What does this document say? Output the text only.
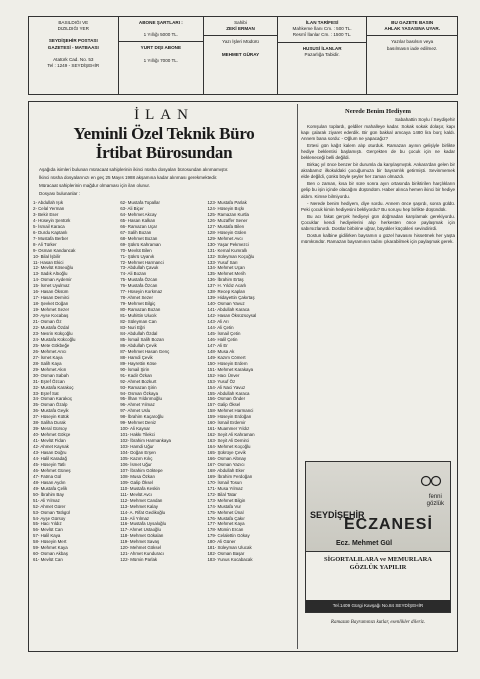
BASILDIĞI VE
DIZILDIĞI YER
SEYDİŞEHİR POSTASI
GAZETESİ - MATBAASI
Atatürk Cad. No. 53
Tel : 1249 - SEYDİŞEHİR
ABONE ŞARTLARI :
1 Yıllığı 5000 TL.
YURT DIŞI ABONE
1 Yıllığı 7000 TL.
Sahibi
ZEKİ ERMAN
Yazı İşleri Müdürü
MEHMET GÜRAY
İLAN TARİFESİ
Mahkeme İlanı Cm. : 500 TL.
Resmî İlanlar Cm. : 1500 TL.
HUSUSİ İLANLAR
Pazarlığa Tabidir.
BU GAZETE BASIN
AHLAK YASASINA UYAR.
Yazılar basılsın veya
basılmasın iade edilmez.
İLAN
Yeminli Özel Teknik Büro
İrtibat Bürosundan

Aşağıda isimleri bulunan müracaat sahiplerinin ikinci nüsha dosyaları bürosundan alınmamıştır.

İkinci nüsha dosyalarınızı en geç 25 Mayıs 1988 akşamına kadar alınması gerekmektedir.

Müracaat sahiplerinin mağdur olmaması için ilan olunur.

Dosyası bulunanlar :

1- Abdullah Işık
2- Celal Yerman
3- Bekir Eser
4- Hüseyin Şentürk
5- İsmail Karaca
6- Durdu Kaptanlı
7- Mustafa Berber
8- Ali Türker
9- Osman Kandancak
10- Bilal İşbilir
11- Hasan Ekici
12- Mevlüt Köseoğlu
13- Sadık Altıoğlu
14- Osman Aydemir
15- İsmet Uyulmaz
16- Hasan Öksüm
17- Hasan Demirci
18- Şevket Doğan
19- Mehmet Sezer
20- Ayse Kocabaş
21- Osman Öz
22- Mustafa Özdal
23- Nesrin Kükçoğlu
24- Mustafa Kükcoğlu
25- Mete Gökbeğe
26- Mehmet Arıcı
27- İsmet Kaya
28- Salih Kaya
29- Mehmet Akın
30- Osman Sabah
31- Eşref Özcan
32- Mustafa Karakoç
33- Eşref Sat
34- Osman Karakoç
35- Osman Özalp
36- Mustafa Geyik
37- Hüseyin Kütük
38- Saliha Durak
39- Meral Gürsoy
40- Mehmet Gökçe
41- Mevlüt Fidan
42- Ahmet Kaynak
43- Hasan Doğru
44- Halil Karadağ
45- Hüseyin Tatlı
46- Mehmet Güneş
47- Fatma Gül
48- Hasan Aydın
49- Mustafa Çelik
50- İbrahim Bay
51- Ali Yılmaz
52- Ahmet Gürer
53- Osman Tatlıgül
54- Ayşe Gürsoy
55- Hacı Yıldız
56- Mevlüt Can
57- Halil Kaya
58- Hüseyin Mert
59- Mehmet Kaya
60- Osman Akbaş
61- Mevlüt Can
62- Mustafa Topallar
63- Ali Biçer
64- Mehmet Akcay
65- Hasan Kalkan
66- Ramazan Uçar
67- Salih Bozan
68- Mehmet Bozan
69- Şükrü Kahraman
70- Mevlüt Bilen
71- Şükrü Uyanık
72- Mehmet Harmanci
73- Abdullah Çavuk
74- Ali Bozan
75- Mustafa Özcan
76- Mustafa Özcan
77- Hüseyin Korkmaz
78- Ahmet Sezer
79- Mehmet Bilgiç
80- Ramazan Bozan
81- Muhittin Ulucık
82- Süleyman Can
83- Nuri Eğri
84- Abdullah Özdal
85- İsmail Salih Bozan
86- Abdullah Çevik
87- Mehmet Hasan Genç
88- Hamdi Çevik
89- Hayrettin Köse
90- İsmail Şirin
91- Kadir Özkan
92- Ahmet Bozkurt
93- Ramazan Şirin
94- Osman Özkaya
95- İlhan Yıldırımoğlu
96- Ahmet Yılmaz
97- Ahmet Uslu
98- İbrahim Kaçaroğlu
99- Mehmet Deniz
100- Ali Kaynar
101- Hakkı Tilekci
102- İbrahim Harmankaya
103- Hamdi Uğur
104- Doğan Erşen
105- Kazım Kılıç
106- İsmet Uğur
107- İbrahim Göktepe
108- Musa Özkan
109- Galip Öksel
110- Mustafa Keskin
111- Mevlüt Avcı
112- Mehmet Candan
113- Mehmet Kalay
114- A. Rifat Gedikoğlu
115- Ali Yılmaz
116- Mustafa Uysaloğlu
117- Ahmet Ustaoğlu
118- Mehmet Gökalan
119- Mehmet Savaş
120- Mehmet Göksel
121- Ahmet Kunduracı
122- Mümin Parlak
123- Mustafa Parlak
124- Hüseyin Bıçkı
125- Ramazan Kurtla
126- Muzaffer Sener
127- Mustafa Bilen
128- Hüseyin Gülen
129- Mehmet Avcı
130- Yaşar Pekmezci
131- Kemal Kumrallı
132- Süleyman Koçoğlu
133- Yusuf Sarı
134- Mehmet Uçan
135- Mehmet Merih
136- İbrahim Ertaş
137- H. Yıldız Acarlı
138- Recep Kaplan
139- Hidayettin Çakırtaş
140- Osman Yavuz
141- Abdullah Karaca
142- Hasan Öksüzsoysal
143- Ali Arı
144- Ali Çetin
145- İsmail Çetin
146- Halil Çetin
147- Ali Er
148- Musa Ak
149- Kazım Cömert
150- Hüseyin Erdem
151- Mehmet Karakaya
152- Hacı Ünver
153- Yusuf Öz
154- Ali Naci Yavuz
155- Abdullah Karaca
156- Osman Önder
157- Galip Öksel
158- Mehmet Harmanci
159- Hüseyin Erdoğan
160- İsmail Erdemir
161- Muammer Yıldız
162- Seyit Ali Kahraman
163- Seyit Ali Demirci
164- Mehmet Koçoğlu
165- Şükrüye Çevik
166- Osman Altınay
167- Osman Yazıcı
168- Abdullah Eker
169- İbrahim Ferdoğan
170- İsmail Tosun
171- Musa Yılmaz
172- Bilal Tatar
173- Mehmet Bilgin
174- Mustafa Vur
175- Mehmet Ünal
176- Mustafa Çakır
177- Mehmet Kaya
178- Mümin Ercan
179- Celalettin Gökay
180- Ali Güner
181- Süleyman Ulucak
182- Osman Başar
183- Yunus Kocabacak
Nerede Benim Hediyem
Sabahattin Soylu / Seydişehir

Komşuları toplardı, geldiler mahalleye kadar. Sokak sokak dolaşır, kapı kapı çalarak ziyaret ederdik. Bir gün bakkal amcaya 1480 lira borç kaldı. Annem bana sordu: - Oğlum ne yapacağız?

Ertesi gün kağıt kalem alıp oturduk. Ramazan ayının gelişiyle birlikte hediye beklentisi başlamıştı. Gerçekten de bu çocuk için ne kadar bekleneceği belli değildi.

Birkaç yıl önce benzer bir durumla da karşılaşmıştık. Ankara'dan gelen bir akrabamız ilkokuldaki çocuğumuza bir bayramlık getirmişti. Sevinmemek elde değildi, çünkü böyle şeyler her zaman olmazdı.

Ben o zaman, kısa bir süre sonra ayın ortasında biriktirilen harçlıkların gelip bu işin içinde olacağını düşündüm. Haber alınca hemen ikinci bir hediye aldım. Kimse bilmiyordu.

- Nerede benim hediyem, diye sordu. Annem önce şaşırdı, sonra güldü. Peki çocuk kimin hediyesini bekliyordu? Bu soruyu hep birlikte düşündük.

Bu acı fakat gerçek hediyeyi gün doğmadan karşılamak gerekiyordu. Çocuklar kendi hediyelerini alıp herkesten önce paylaşmak için sabırsızlanırdı. Dostlar birbirine uğrar, büyükler küçükleri sevindirirdi.

Dostun kalbine gidilirken bayramın o güzel havasını hissetmek her yaşta mümkündür. Ramazan bayramının tadını çıkarabilmek için paylaşmak gerek.

fenni
gözlük
SEYDİŞEHİR
ECZANESİ
Ecz. Mehmet Gül
SİGORTALILARA ve MEMURLARA
GÖZLÜK YAPILIR
Tel.1409 Gürgi Kavşağı No.84 SEYDİŞEHİR
Ramazan Bayramınızı kutlar, esenlikler dileriz.
